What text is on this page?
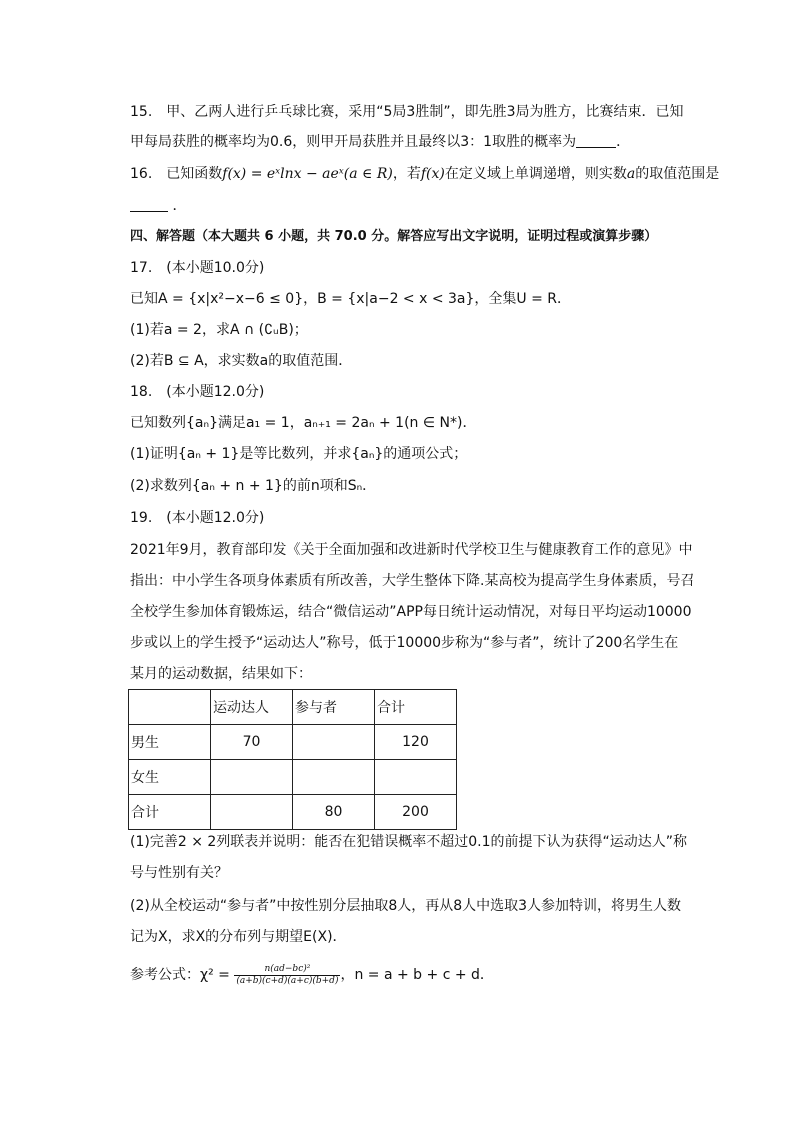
15.　甲、乙两人进行乒乓球比赛，采用“5局3胜制”，即先胜3局为胜方，比赛结束．已知
甲每局获胜的概率均为0.6，则甲开局获胜并且最终以3：1取胜的概率为	．
16.　已知函数f(x) = eˣlnx − aeˣ(a ∈ R)，若f(x)在定义域上单调递增，则实数a的取值范围是
．
四、解答题（本大题共 6 小题，共 70.0 分。解答应写出文字说明，证明过程或演算步骤）
17.　(本小题10.0分)
已知A = {x|x²−x−6 ≤ 0}，B = {x|a−2 < x < 3a}，全集U = R．
(1)若a = 2，求A ∩ (∁ᵤB)；
(2)若B ⊆ A，求实数a的取值范围．
18.　(本小题12.0分)
已知数列{aₙ}满足a₁ = 1，aₙ₊₁ = 2aₙ + 1(n ∈ N*)．
(1)证明{aₙ + 1}是等比数列，并求{aₙ}的通项公式；
(2)求数列{aₙ + n + 1}的前n项和Sₙ．
19.　(本小题12.0分)
2021年9月，教育部印发《关于全面加强和改进新时代学校卫生与健康教育工作的意见》中
指出：中小学生各项身体素质有所改善，大学生整体下降.某高校为提高学生身体素质，号召
全校学生参加体育锻炼运，结合“微信运动”APP每日统计运动情况，对每日平均运动10000
步或以上的学生授予“运动达人”称号，低于10000步称为“参与者”，统计了200名学生在
某月的运动数据，结果如下：
	运动达人	参与者	合计
男生	70		120
女生			
合计		80	200
(1)完善2 × 2列联表并说明：能否在犯错误概率不超过0.1的前提下认为获得“运动达人”称
号与性别有关？
(2)从全校运动“参与者”中按性别分层抽取8人，再从8人中选取3人参加特训，将男生人数
记为X，求X的分布列与期望E(X)．
参考公式：$\chi^2 = \frac{\text{n(ad−bc)²}}{(a+b)(c+d)(a+c)(b+d)}$ ，n = a + b + c + d．
